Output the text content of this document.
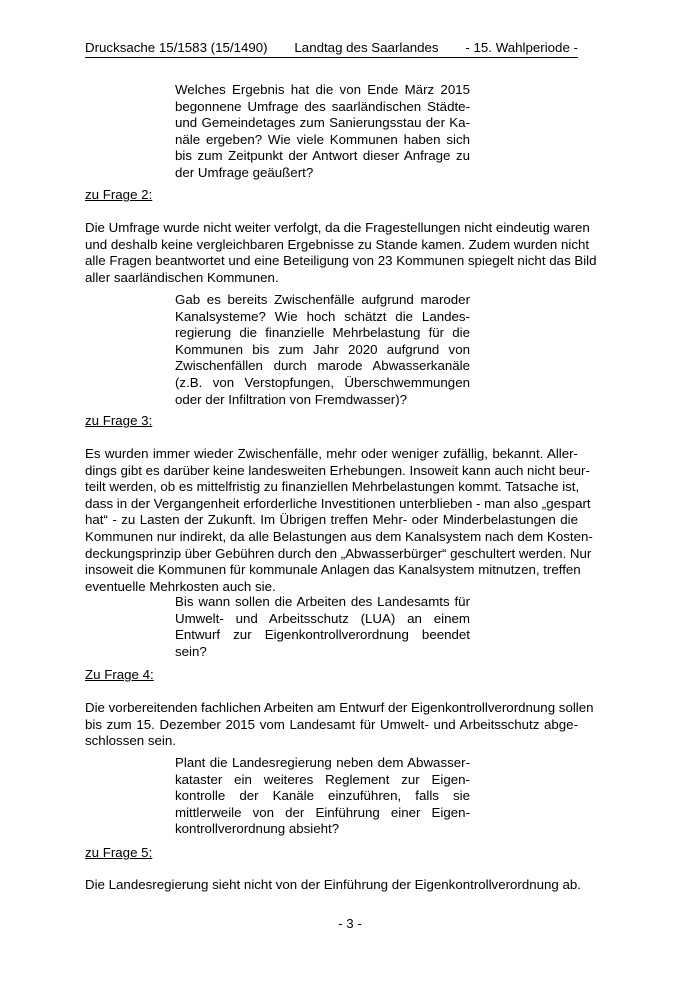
Drucksache 15/1583 (15/1490) Landtag des Saarlandes - 15. Wahlperiode -
Welches Ergebnis hat die von Ende März 2015
begonnene Umfrage des saarländischen Städte-
und Gemeindetages zum Sanierungsstau der Ka-
näle ergeben? Wie viele Kommunen haben sich
bis zum Zeitpunkt der Antwort dieser Anfrage zu
der Umfrage geäußert?
zu Frage 2:
Die Umfrage wurde nicht weiter verfolgt, da die Fragestellungen nicht eindeutig waren
und deshalb keine vergleichbaren Ergebnisse zu Stande kamen. Zudem wurden nicht
alle Fragen beantwortet und eine Beteiligung von 23 Kommunen spiegelt nicht das Bild
aller saarländischen Kommunen.
Gab es bereits Zwischenfälle aufgrund maroder
Kanalsysteme? Wie hoch schätzt die Landes-
regierung die finanzielle Mehrbelastung für die
Kommunen bis zum Jahr 2020 aufgrund von
Zwischenfällen durch marode Abwasserkanäle
(z.B. von Verstopfungen, Überschwemmungen
oder der Infiltration von Fremdwasser)?
zu Frage 3:
Es wurden immer wieder Zwischenfälle, mehr oder weniger zufällig, bekannt. Aller-
dings gibt es darüber keine landesweiten Erhebungen. Insoweit kann auch nicht beur-
teilt werden, ob es mittelfristig zu finanziellen Mehrbelastungen kommt. Tatsache ist,
dass in der Vergangenheit erforderliche Investitionen unterblieben - man also „gespart
hat“ - zu Lasten der Zukunft. Im Übrigen treffen Mehr- oder Minderbelastungen die
Kommunen nur indirekt, da alle Belastungen aus dem Kanalsystem nach dem Kosten-
deckungsprinzip über Gebühren durch den „Abwasserbürger“ geschultert werden. Nur
insoweit die Kommunen für kommunale Anlagen das Kanalsystem mitnutzen, treffen
eventuelle Mehrkosten auch sie.
Bis wann sollen die Arbeiten des Landesamts für
Umwelt- und Arbeitsschutz (LUA) an einem
Entwurf zur Eigenkontrollverordnung beendet
sein?
Zu Frage 4:
Die vorbereitenden fachlichen Arbeiten am Entwurf der Eigenkontrollverordnung sollen
bis zum 15. Dezember 2015 vom Landesamt für Umwelt- und Arbeitsschutz abge-
schlossen sein.
Plant die Landesregierung neben dem Abwasser-
kataster ein weiteres Reglement zur Eigen-
kontrolle der Kanäle einzuführen, falls sie
mittlerweile von der Einführung einer Eigen-
kontrollverordnung absieht?
zu Frage 5:
Die Landesregierung sieht nicht von der Einführung der Eigenkontrollverordnung ab.
- 3 -
